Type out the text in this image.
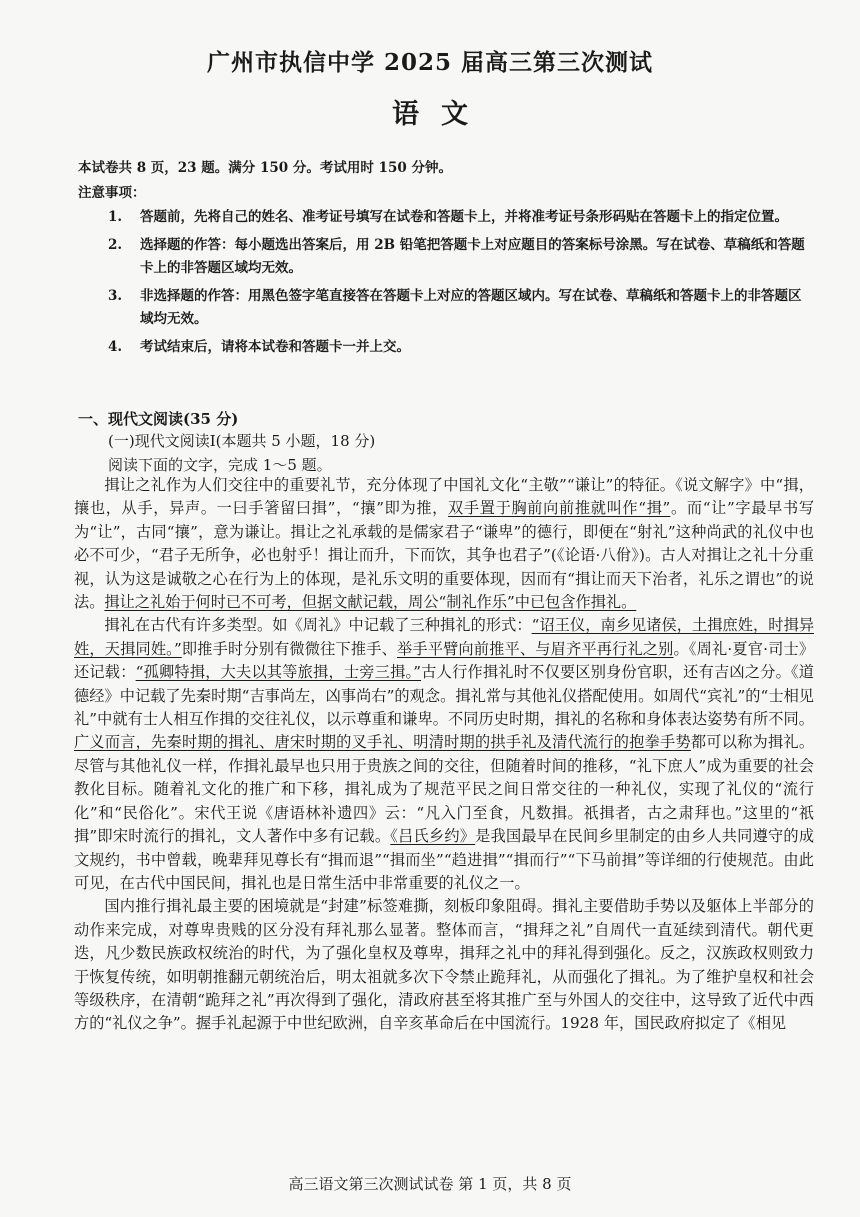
广州市执信中学 2025 届高三第三次测试
语文
本试卷共 8 页，23 题。满分 150 分。考试用时 150 分钟。
注意事项：
1.	答题前，先将自己的姓名、准考证号填写在试卷和答题卡上，并将准考证号条形码贴在答题卡上的指定位置。
2.	选择题的作答：每小题选出答案后，用 2B 铅笔把答题卡上对应题目的答案标号涂黑。写在试卷、草稿纸和答题卡上的非答题区域均无效。
3.	非选择题的作答：用黑色签字笔直接答在答题卡上对应的答题区域内。写在试卷、草稿纸和答题卡上的非答题区域均无效。
4.	考试结束后，请将本试卷和答题卡一并上交。
一、现代文阅读(35 分)
(一)现代文阅读Ⅰ(本题共 5 小题，18 分)
阅读下面的文字，完成 1～5 题。

揖让之礼作为人们交往中的重要礼节，充分体现了中国礼文化“主敬”“谦让”的特征。《说文解字》中“揖，攘也，从手，异声。一曰手箸留曰揖”，“攘”即为推，双手置于胸前向前推就叫作“揖”。而“让”字最早书写为“让”，古同“攘”，意为谦让。揖让之礼承载的是儒家君子“谦卑”的德行，即便在“射礼”这种尚武的礼仪中也必不可少，“君子无所争，必也射乎！揖让而升，下而饮，其争也君子”(《论语·八佾》)。古人对揖让之礼十分重视，认为这是诚敬之心在行为上的体现，是礼乐文明的重要体现，因而有“揖让而天下治者，礼乐之谓也”的说法。揖让之礼始于何时已不可考，但据文献记载，周公“制礼作乐”中已包含作揖礼。

揖礼在古代有许多类型。如《周礼》中记载了三种揖礼的形式：“诏王仪，南乡见诸侯，土揖庶姓，时揖异姓，天揖同姓。”即推手时分别有微微往下推手、举手平臂向前推平、与眉齐平再行礼之别。《周礼·夏官·司士》还记载：“孤卿特揖，大夫以其等旅揖，士旁三揖。”古人行作揖礼时不仅要区别身份官职，还有吉凶之分。《道德经》中记载了先秦时期“吉事尚左，凶事尚右”的观念。揖礼常与其他礼仪搭配使用。如周代“宾礼”的“士相见礼”中就有士人相互作揖的交往礼仪，以示尊重和谦卑。不同历史时期，揖礼的名称和身体表达姿势有所不同。广义而言，先秦时期的揖礼、唐宋时期的叉手礼、明清时期的拱手礼及清代流行的抱拳手势都可以称为揖礼。尽管与其他礼仪一样，作揖礼最早也只用于贵族之间的交往，但随着时间的推移，“礼下庶人”成为重要的社会教化目标。随着礼文化的推广和下移，揖礼成为了规范平民之间日常交往的一种礼仪，实现了礼仪的“流行化”和“民俗化”。宋代王说《唐语林补遗四》云：“凡入门至食，凡数揖。祇揖者，古之肃拜也。”这里的“祇揖”即宋时流行的揖礼，文人著作中多有记载。《吕氏乡约》是我国最早在民间乡里制定的由乡人共同遵守的成文规约，书中曾载，晚辈拜见尊长有“揖而退”“揖而坐”“趋进揖”“揖而行”“下马前揖”等详细的行使规范。由此可见，在古代中国民间，揖礼也是日常生活中非常重要的礼仪之一。

国内推行揖礼最主要的困境就是“封建”标签难撕，刻板印象阻碍。揖礼主要借助手势以及躯体上半部分的动作来完成，对尊卑贵贱的区分没有拜礼那么显著。整体而言，“揖拜之礼”自周代一直延续到清代。朝代更迭，凡少数民族政权统治的时代，为了强化皇权及尊卑，揖拜之礼中的拜礼得到强化。反之，汉族政权则致力于恢复传统，如明朝推翻元朝统治后，明太祖就多次下令禁止跪拜礼，从而强化了揖礼。为了维护皇权和社会等级秩序，在清朝“跪拜之礼”再次得到了强化，清政府甚至将其推广至与外国人的交往中，这导致了近代中西方的“礼仪之争”。握手礼起源于中世纪欧洲，自辛亥革命后在中国流行。1928 年，国民政府拟定了《相见

高三语文第三次测试试卷 第 1 页，共 8 页
